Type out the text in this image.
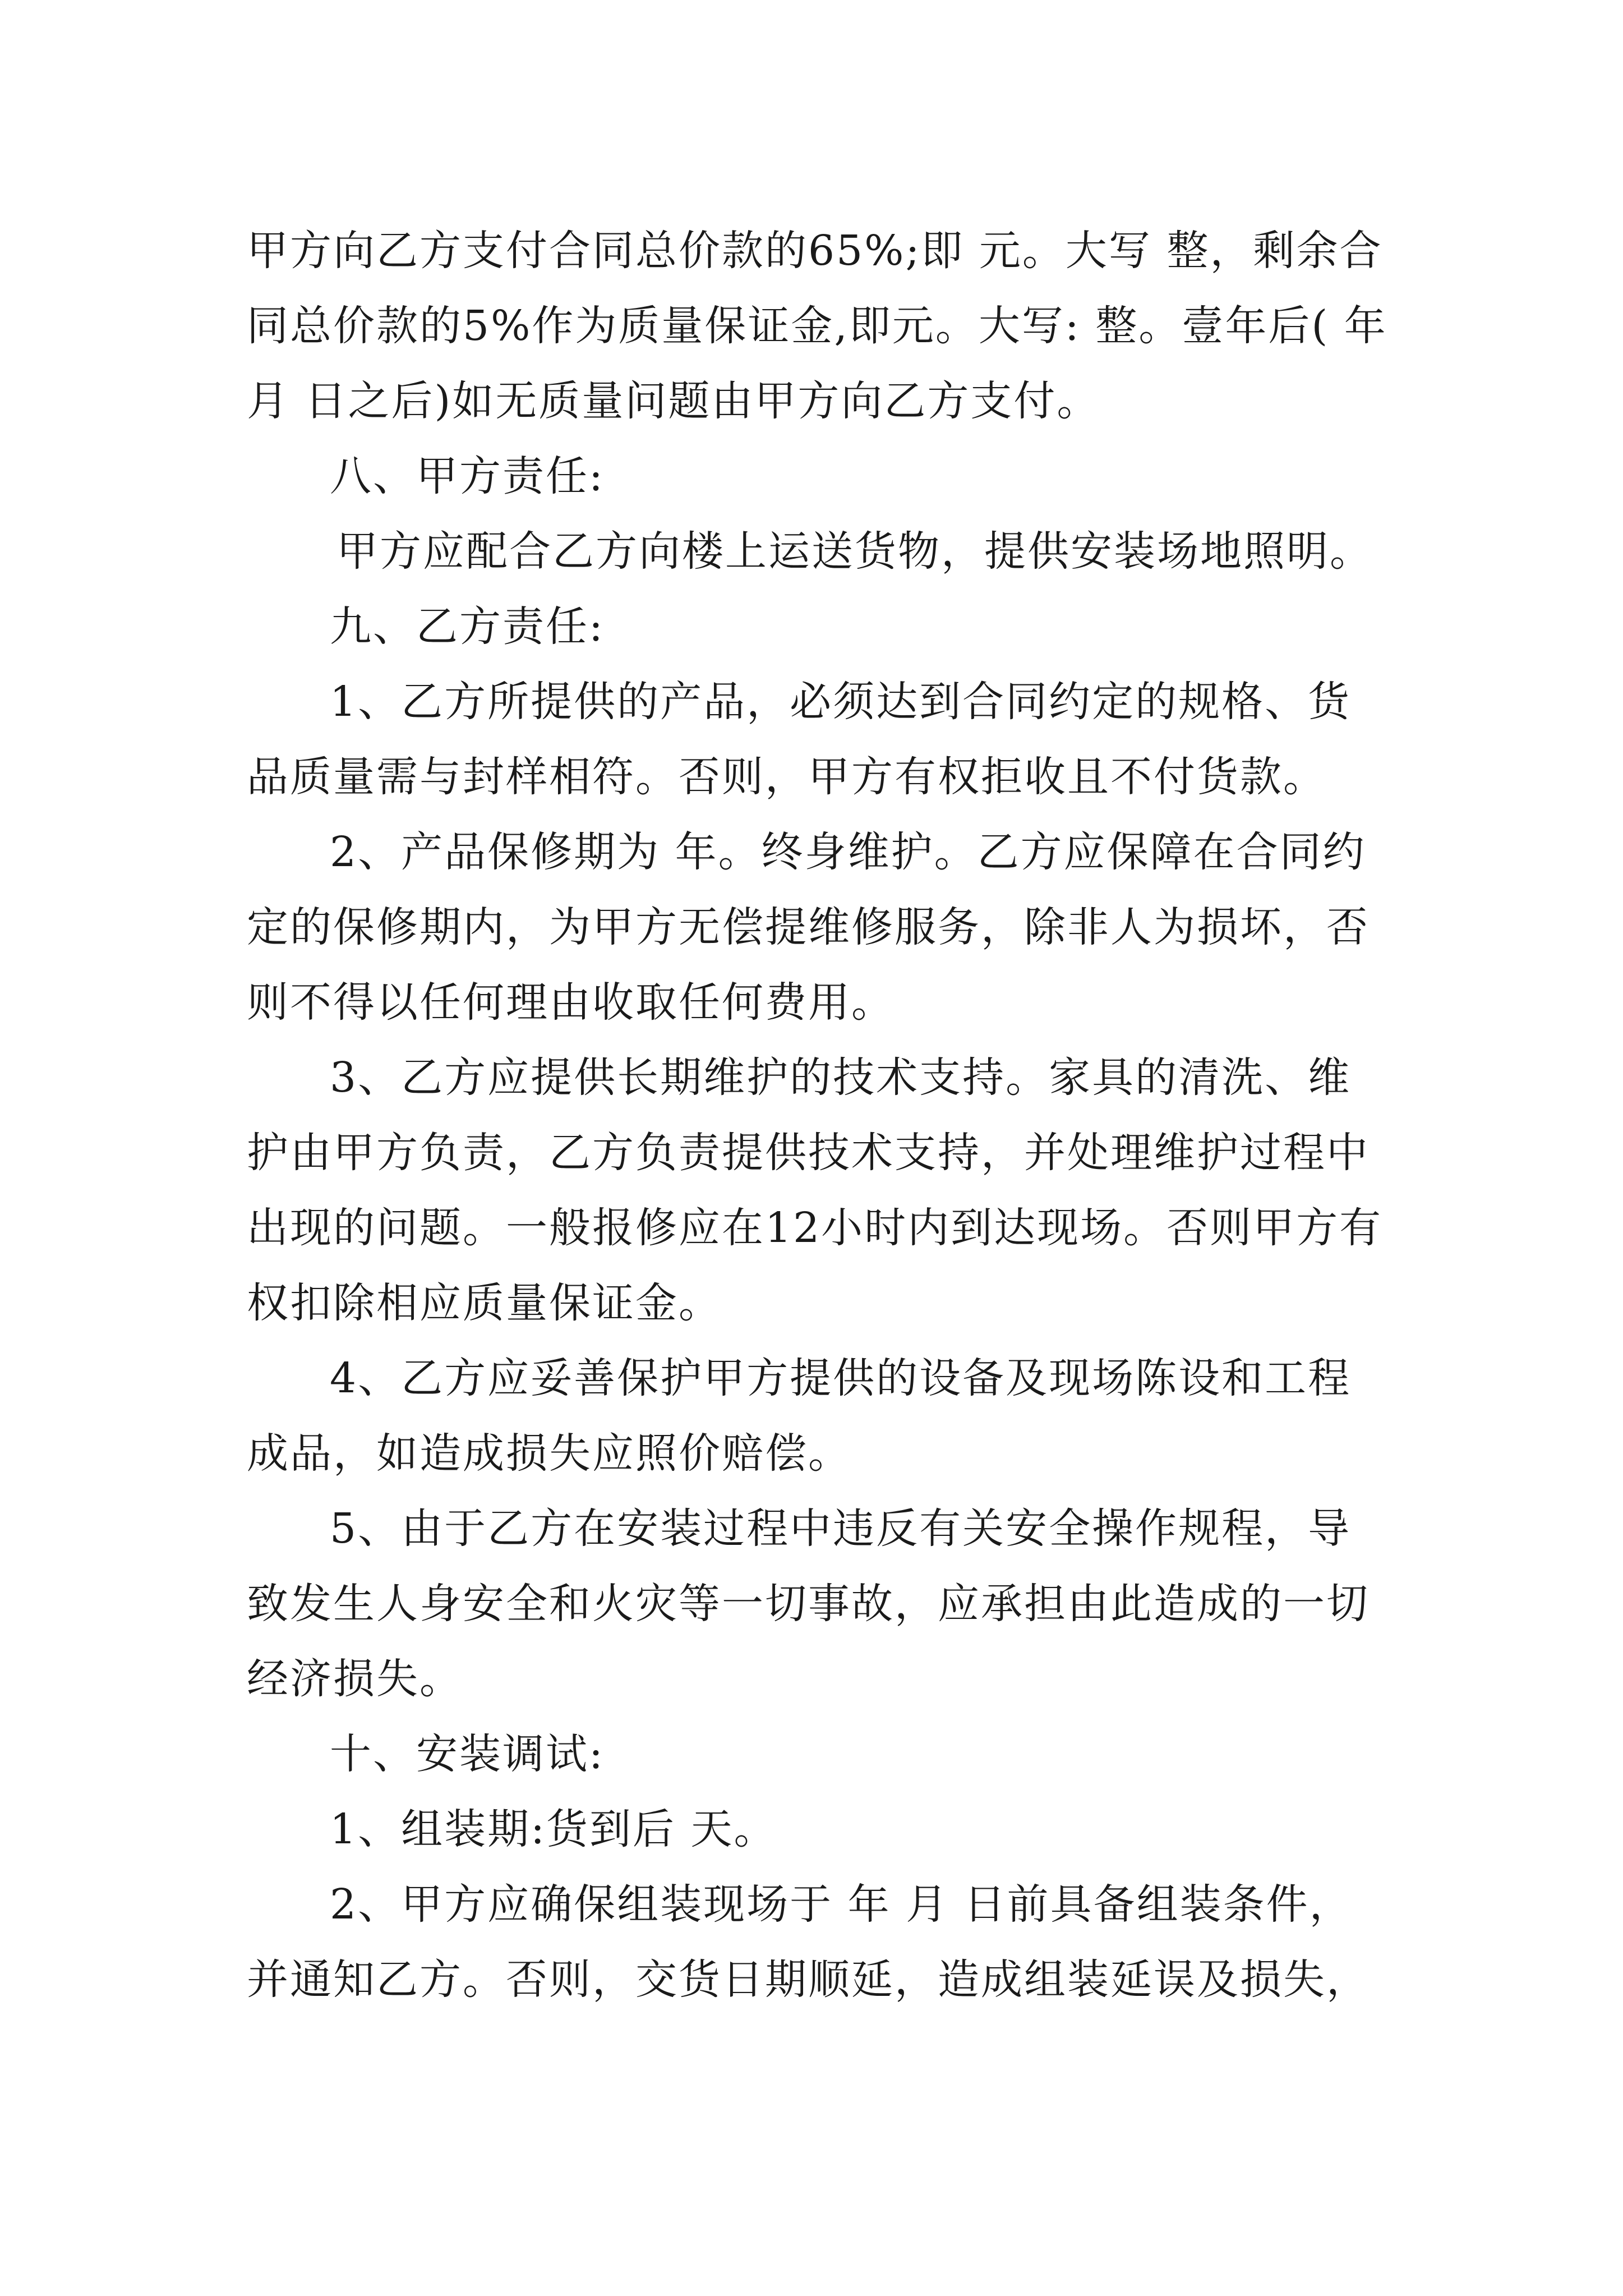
甲方向乙方支付合同总价款的65%;即 元。大写 整，剩余合同总价款的5%作为质量保证金,即元。大写: 整。壹年后( 年 月 日之后)如无质量问题由甲方向乙方支付。

八、甲方责任:

甲方应配合乙方向楼上运送货物，提供安装场地照明。

九、乙方责任:

1、乙方所提供的产品，必须达到合同约定的规格、货品质量需与封样相符。否则，甲方有权拒收且不付货款。

2、产品保修期为 年。终身维护。乙方应保障在合同约定的保修期内，为甲方无偿提维修服务，除非人为损坏，否则不得以任何理由收取任何费用。

3、乙方应提供长期维护的技术支持。家具的清洗、维护由甲方负责，乙方负责提供技术支持，并处理维护过程中出现的问题。一般报修应在12小时内到达现场。否则甲方有权扣除相应质量保证金。

4、乙方应妥善保护甲方提供的设备及现场陈设和工程成品，如造成损失应照价赔偿。

5、由于乙方在安装过程中违反有关安全操作规程，导致发生人身安全和火灾等一切事故，应承担由此造成的一切经济损失。

十、安装调试:

1、组装期:货到后 天。

2、甲方应确保组装现场于 年 月 日前具备组装条件，并通知乙方。否则，交货日期顺延，造成组装延误及损失，
